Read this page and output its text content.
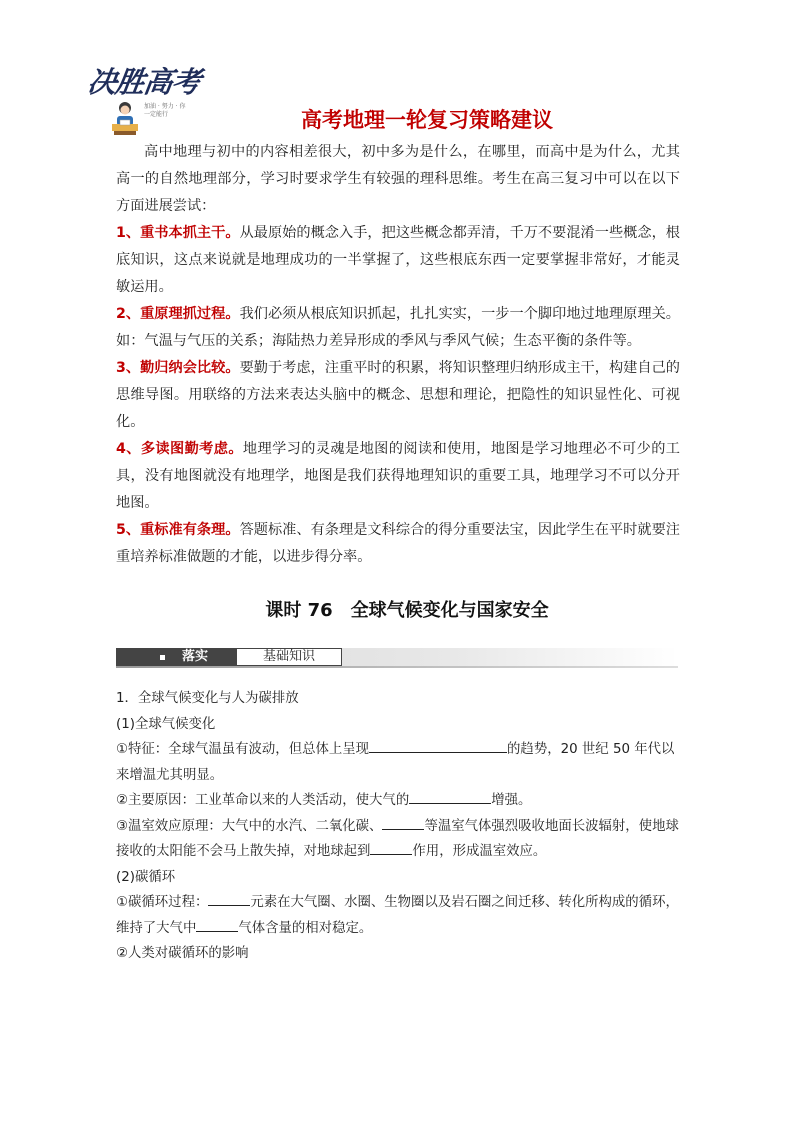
决胜高考
加油 · 努力 · 你一定能行	高考地理一轮复习策略建议

高中地理与初中的内容相差很大，初中多为是什么，在哪里，而高中是为什么，尤其高一的自然地理部分，学习时要求学生有较强的理科思维。考生在高三复习中可以在以下方面进展尝试：

1、重书本抓主干。从最原始的概念入手，把这些概念都弄清，千万不要混淆一些概念，根底知识，这点来说就是地理成功的一半掌握了，这些根底东西一定要掌握非常好，才能灵敏运用。

2、重原理抓过程。我们必须从根底知识抓起，扎扎实实，一步一个脚印地过地理原理关。如：气温与气压的关系；海陆热力差异形成的季风与季风气候；生态平衡的条件等。

3、勤归纳会比较。要勤于考虑，注重平时的积累，将知识整理归纳形成主干，构建自己的思维导图。用联络的方法来表达头脑中的概念、思想和理论，把隐性的知识显性化、可视化。

4、多读图勤考虑。地理学习的灵魂是地图的阅读和使用，地图是学习地理必不可少的工具，没有地图就没有地理学，地图是我们获得地理知识的重要工具，地理学习不可以分开地图。

5、重标准有条理。答题标准、有条理是文科综合的得分重要法宝，因此学生在平时就要注重培养标准做题的才能，以进步得分率。

课时 76　全球气候变化与国家安全
落实	基础知识

1．全球气候变化与人为碳排放

(1)全球气候变化

①特征：全球气温虽有波动，但总体上呈现	的趋势，20 世纪 50 年代以来增温尤其明显。

②主要原因：工业革命以来的人类活动，使大气的	增强。

③温室效应原理：大气中的水汽、二氧化碳、	等温室气体强烈吸收地面长波辐射，使地球接收的太阳能不会马上散失掉，对地球起到	作用，形成温室效应。

(2)碳循环

①碳循环过程：	元素在大气圈、水圈、生物圈以及岩石圈之间迁移、转化所构成的循环，维持了大气中	气体含量的相对稳定。

②人类对碳循环的影响
